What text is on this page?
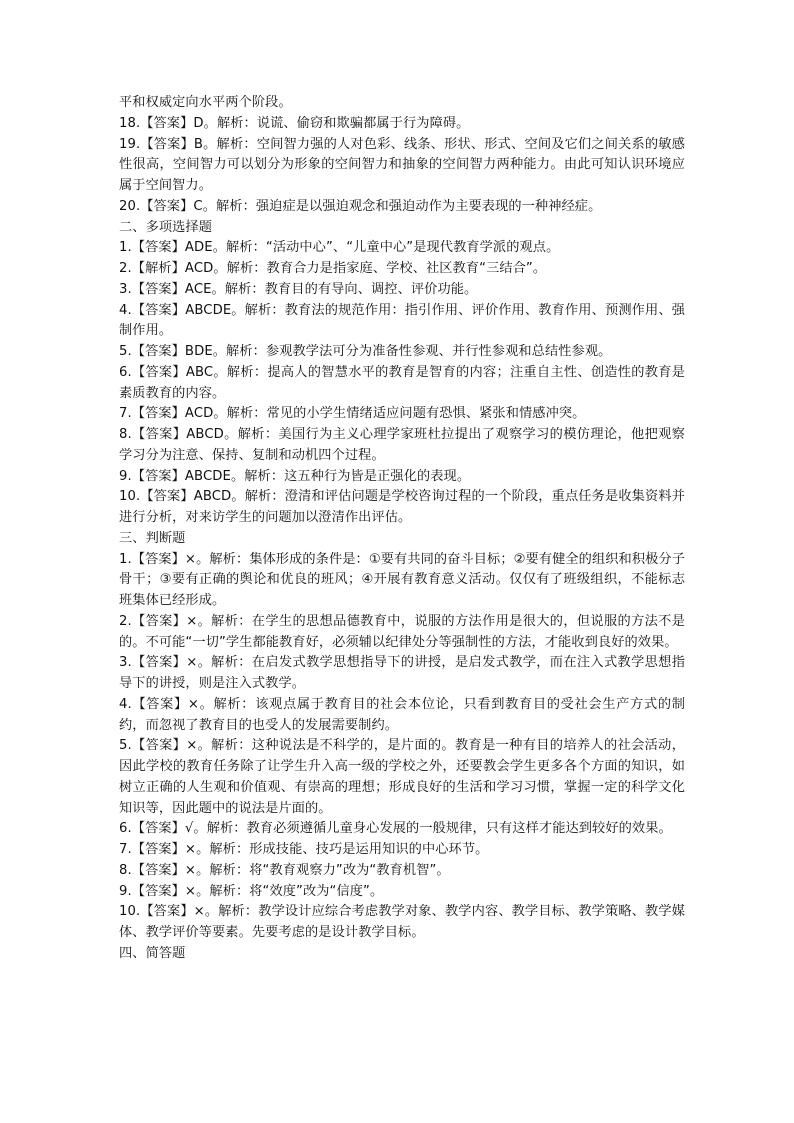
平和权威定向水平两个阶段。

18.【答案】D。解析：说谎、偷窃和欺骗都属于行为障碍。

19.【答案】B。解析：空间智力强的人对色彩、线条、形状、形式、空间及它们之间关系的敏感性很高，空间智力可以划分为形象的空间智力和抽象的空间智力两种能力。由此可知认识环境应属于空间智力。

20.【答案】C。解析：强迫症是以强迫观念和强迫动作为主要表现的一种神经症。

二、多项选择题

1.【答案】ADE。解析：“活动中心”、“儿童中心”是现代教育学派的观点。

2.【解析】ACD。解析：教育合力是指家庭、学校、社区教育“三结合”。

3.【答案】ACE。解析：教育目的有导向、调控、评价功能。

4.【答案】ABCDE。解析：教育法的规范作用：指引作用、评价作用、教育作用、预测作用、强制作用。

5.【答案】BDE。解析：参观教学法可分为准备性参观、并行性参观和总结性参观。

6.【答案】ABC。解析：提高人的智慧水平的教育是智育的内容；注重自主性、创造性的教育是素质教育的内容。

7.【答案】ACD。解析：常见的小学生情绪适应问题有恐惧、紧张和情感冲突。

8.【答案】ABCD。解析：美国行为主义心理学家班杜拉提出了观察学习的模仿理论，他把观察学习分为注意、保持、复制和动机四个过程。

9.【答案】ABCDE。解析：这五种行为皆是正强化的表现。

10.【答案】ABCD。解析：澄清和评估问题是学校咨询过程的一个阶段，重点任务是收集资料并进行分析，对来访学生的问题加以澄清作出评估。

三、判断题

1.【答案】×。解析：集体形成的条件是：①要有共同的奋斗目标；②要有健全的组织和积极分子骨干；③要有正确的舆论和优良的班风；④开展有教育意义活动。仅仅有了班级组织，不能标志班集体已经形成。

2.【答案】×。解析：在学生的思想品德教育中，说服的方法作用是很大的，但说服的方法不是的。不可能“一切”学生都能教育好，必须辅以纪律处分等强制性的方法，才能收到良好的效果。

3.【答案】×。解析：在启发式教学思想指导下的讲授，是启发式教学，而在注入式教学思想指导下的讲授，则是注入式教学。

4.【答案】×。解析：该观点属于教育目的社会本位论，只看到教育目的受社会生产方式的制约，而忽视了教育目的也受人的发展需要制约。

5.【答案】×。解析：这种说法是不科学的，是片面的。教育是一种有目的培养人的社会活动，因此学校的教育任务除了让学生升入高一级的学校之外，还要教会学生更多各个方面的知识，如树立正确的人生观和价值观、有崇高的理想；形成良好的生活和学习习惯，掌握一定的科学文化知识等，因此题中的说法是片面的。

6.【答案】√。解析：教育必须遵循儿童身心发展的一般规律，只有这样才能达到较好的效果。

7.【答案】×。解析：形成技能、技巧是运用知识的中心环节。

8.【答案】×。解析：将“教育观察力”改为“教育机智”。

9.【答案】×。解析：将“效度”改为“信度”。

10.【答案】×。解析：教学设计应综合考虑教学对象、教学内容、教学目标、教学策略、教学媒体、教学评价等要素。先要考虑的是设计教学目标。

四、简答题
